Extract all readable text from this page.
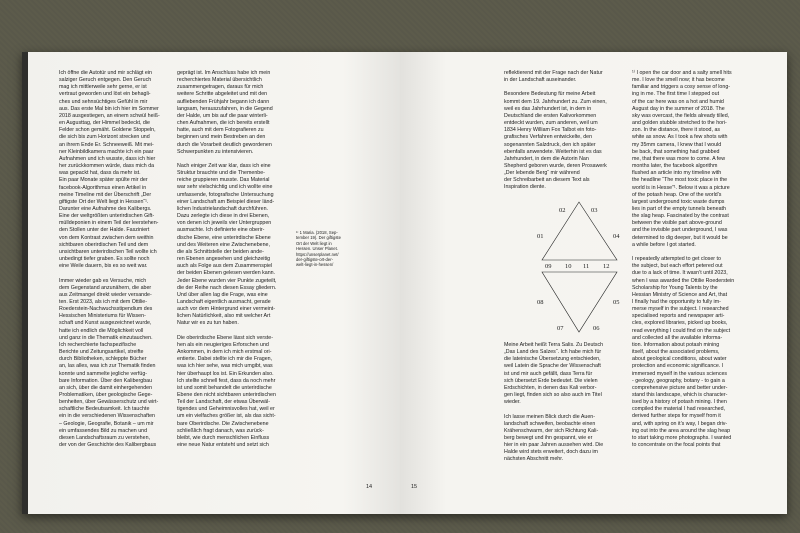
Ich öffne die Autotür und mir schlägt ein
salziger Geruch entgegen. Den Geruch
mag ich mittlerweile sehr gerne, er ist
vertraut geworden und löst ein behagli-
ches und sehnsüchtiges Gefühl in mir
aus. Das erste Mal bin ich hier im Sommer
2018 ausgestiegen, an einem schwül heiß-
en Augusttag, der Himmel bedeckt, die
Felder schon gemäht. Goldene Stoppeln,
die sich bis zum Horizont strecken und
an ihrem Ende Er. Schneeweiß. Mit mei-
ner Kleinbildkamera machte ich ein paar
Aufnahmen und ich wusste, dass ich hier
her zurückkommen würde, dass mich da
was gepackt hat, dass da mehr ist.
Ein paar Monate später spülte mir der
facebook-Algorithmus einen Artikel in
meine Timeline mit der Überschrift „Der
giftigste Ort der Welt liegt in Hessen“¹.
Darunter eine Aufnahme des Kalibergs.
Eine der weltgrößten unterirdischen Gift-
mülldeponien in einem Teil der leerstehen-
den Stollen unter der Halde. Fasziniert
von dem Kontrast zwischen dem weithin
sichtbaren oberirdischen Teil und dem
unsichtbaren unterirdischen Teil wollte ich
unbedingt tiefer graben. Es sollte noch
eine Weile dauern, bis es so weit war.

Immer wieder gab es Versuche, mich
dem Gegenstand anzunähern, die aber
aus Zeitmangel direkt wieder versande-
ten. Erst 2023, als ich mit dem Ottilie-
Roederstein-Nachwuchsstipendium des
Hessischen Ministeriums für Wissen-
schaft und Kunst ausgezeichnet wurde,
hatte ich endlich die Möglichkeit voll
und ganz in die Thematik einzutauchen.
Ich recherchierte fachspezifische
Berichte und Zeitungsartikel, streifte
durch Bibliotheken, schleppte Bücher
an, las alles, was ich zur Thematik finden
konnte und sammelte jegliche verfüg-
bare Information. Über den Kalibergbau
an sich, über die damit einhergehenden
Problematiken, über geologische Gege-
benheiten, über Gewässerschutz und wirt-
schaftliche Bedeutsamkeit. Ich tauchte
ein in die verschiedenen Wissenschaften
– Geologie, Geografie, Botanik – um mir
ein umfassendes Bild zu machen und
diesen Landschaftsraum zu verstehen,
der von der Geschichte des Kalibergbaus

geprägt ist. Im Anschluss habe ich mein
recherchiertes Material übersichtlich
zusammengetragen, daraus für mich
weitere Schritte abgeleitet und mit den
aufliebenden Frühjahr begann ich dann
langsam, herauszufahren, in die Gegend
der Halde, um bis auf die paar winterli-
chen Aufnahmen, die ich bereits erstellt
hatte, auch mit dem Fotografieren zu
beginnen und mein Bestreben an den
durch die Vorarbeit deutlich gewordenen
Schwerpunkten zu intensivieren.

Nach einiger Zeit war klar, dass ich eine
Struktur brauchte und die Themenbe-
reiche gruppieren musste. Das Material
war sehr vielschichtig und ich wollte eine
umfassende, fotografische Untersuchung
einer Landschaft am Beispiel dieser länd-
lichen Industrielandschaft durchführen.
Dazu zerlegte ich diese in drei Ebenen,
von denen ich jeweils vier Untergruppen
ausmachte. Ich definierte eine oberir-
dische Ebene, eine unterirdische Ebene
und des Weiteren eine Zwischenebene,
die als Schnittstelle der beiden ande-
ren Ebenen angesehen und gleichzeitig
auch als Folge aus dem Zusammenspiel
der beiden Ebenen gelesen werden kann.
Jeder Ebene wurden vier Punkte zugeteilt,
die der Reihe nach diesen Essay gliedern.
Und über allen lag die Frage, was eine
Landschaft eigentlich ausmacht, gerade
auch vor dem Hintergrund einer vermeint-
lichen Natürlichkeit, also mit welcher Art
Natur wir es zu tun haben.

Die oberirdische Ebene lässt sich verste-
hen als ein neugieriges Erforschen und
Ankommen, in dem ich mich erstmal ori-
entierte. Dabei stellte ich mir die Fragen,
was ich hier sehe, was mich umgibt, was
hier überhaupt los ist. Ein Erkunden also.
Ich stellte schnell fest, dass da noch mehr
ist und somit behandelt die unterirdische
Ebene den nicht sichtbaren unterirdischen
Teil der Landschaft, der etwas Überwäl-
tigendes und Geheimnisvolles hat, weil er
um ein vielfaches größer ist, als das sicht-
bare Oberirdische. Die Zwischenebene
schließlich fragt danach, was zurück-
bleibt, wie durch menschlichen Einfluss
eine neue Natur entsteht und setzt sich

¹⁾ 1 Maria. (2018, Sep-
tember 19). Der giftigste
Ort der Welt liegt in
Hessen. Unser Planet.
https://unserplanet.net/
der-giftigste-ort-der-
welt-liegt-in-hessen/
14

reflektierend mit der Frage nach der Natur
in der Landschaft auseinander.

Besondere Bedeutung für meine Arbeit
kommt dem 19. Jahrhundert zu. Zum einen,
weil es das Jahrhundert ist, in dem in
Deutschland die ersten Kalivorkommen
entdeckt wurden, zum anderen, weil um
1834 Henry William Fox Talbot ein foto-
grafisches Verfahren entwickelte, den
sogenannten Salzdruck, den ich später
ebenfalls anwendete. Weiterhin ist es das
Jahrhundert, in dem die Autorin Nan
Shepherd geboren wurde, deren Prosawerk
„Der lebende Berg“ mir während
der Schreibarbeit an diesem Text als
Inspiration diente.

02	03
01	04
09 10 11 12
08	05
07	06

Meine Arbeit heißt Terra Salis. Zu Deutsch
„Das Land des Salzes“. Ich habe mich für
die lateinische Übersetzung entschieden,
weil Latein die Sprache der Wissenschaft
ist und mir auch gefällt, dass Terra für
sich übersetzt Erde bedeutet. Die vielen
Erdschichten, in denen das Kali verbor-
gen liegt, finden sich so also auch im Titel
wieder.

Ich lasse meinen Blick durch die Auen-
landschaft schweifen, beobachte einen
Krähenschwarm, der sich Richtung Kali-
berg bewegt und ihn gespannt, wie er
hier in ein paar Jahren aussehen wird. Die
Halde wird stets erweitert, doch dazu im
nächsten Abschnitt mehr.

¹⁾ I open the car door and a salty smell hits
me. I love the smell now; it has become
familiar and triggers a cosy sense of long-
ing in me. The first time I stepped out
of the car here was on a hot and humid
August day in the summer of 2018. The
sky was overcast, the fields already tilled,
and golden stubble stretched to the hori-
zon. In the distance, there it stood, as
white as snow. As I took a few shots with
my 35mm camera, I knew that I would
be back, that something had grabbed
me, that there was more to come. A few
months later, the facebook algorithm
flushed an article into my timeline with
the headline “The most toxic place in the
world is in Hesse”¹. Below it was a picture
of the potash heap. One of the world’s
largest underground toxic waste dumps
lies in part of the empty tunnels beneath
the slag heap. Fascinated by the contrast
between the visible part above-ground
and the invisible part underground, I was
determined to dig deeper, but it would be
a while before I got started.

I repeatedly attempted to get closer to
the subject, but each effort petered out
due to a lack of time. It wasn’t until 2023,
when I was awarded the Ottilie Roederstein
Scholarship for Young Talents by the
Hessian Ministry of Science and Art, that
I finally had the opportunity to fully im-
merse myself in the subject. I researched
specialised reports and newspaper arti-
cles, explored libraries, picked up books,
read everything I could find on the subject
and collected all the available informa-
tion. Information about potash mining
itself, about the associated problems,
about geological conditions, about water
protection and economic significance. I
immersed myself in the various sciences
- geology, geography, botany - to gain a
comprehensive picture and better under-
stand this landscape, which is character-
ised by a history of potash mining. I then
compiled the material I had researched,
derived further steps for myself from it
and, with spring on it’s way, I began driv-
ing out into the area around the slag heap
to start taking more photographs. I wanted
to concentrate on the focal points that

15
